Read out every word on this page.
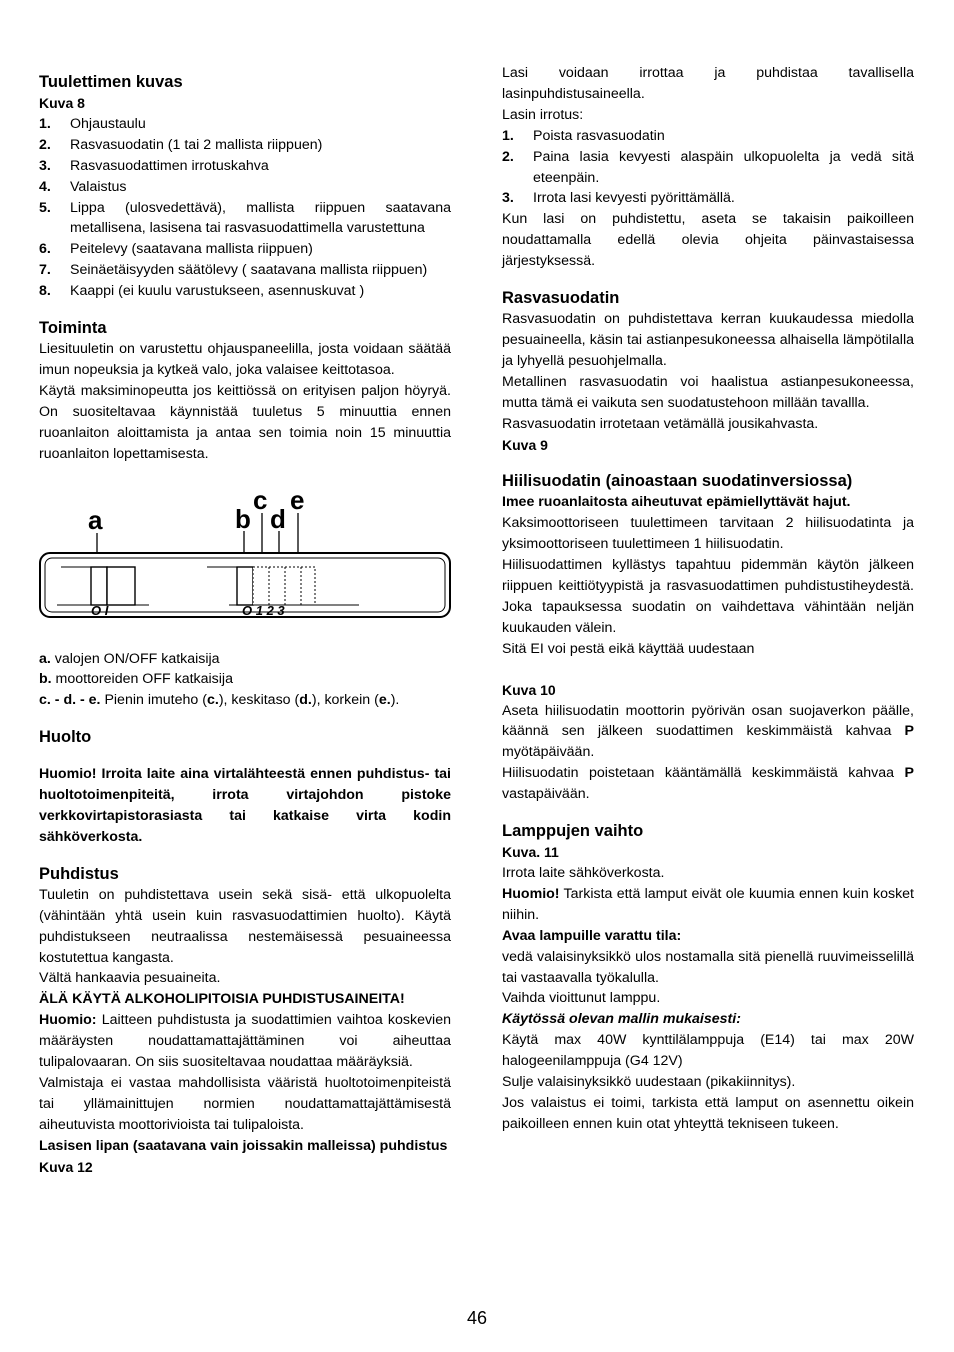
Tuulettimen kuvas
Kuva 8
1. Ohjaustaulu
2. Rasvasuodatin (1 tai 2 mallista riippuen)
3. Rasvasuodattimen irrotuskahva
4. Valaistus
5. Lippa (ulosvedettävä), mallista riippuen saatavana metallisena, lasisena tai rasvasuodattimella varustettuna
6. Peitelevy (saatavana mallista riippuen)
7. Seinäetäisyyden säätölevy ( saatavana mallista riippuen)
8. Kaappi (ei kuulu varustukseen, asennuskuvat )
Toiminta

Liesituuletin on varustettu ohjauspaneelilla, josta voidaan säätää imun nopeuksia ja kytkeä valo, joka valaisee keittotasoa.

Käytä maksiminopeutta jos keittiössä on erityisen paljon höyryä. On suositeltavaa käynnistää tuuletus 5 minuuttia ennen ruoanlaiton aloittamista ja antaa sen toimia noin 15 minuuttia ruoanlaiton lopettamisesta.

a	b
c
d
e
O I	O 1 2 3

a. valojen ON/OFF katkaisija

b. moottoreiden OFF katkaisija

c. - d. - e. Pienin imuteho (c.), keskitaso (d.), korkein (e.).

Huolto

Huomio! Irroita laite aina virtalähteestä ennen puhdistus- tai huoltotoimenpiteitä, irrota virtajohdon pistoke verkkovirtapistorasiasta tai katkaise virta kodin sähköverkosta.

Puhdistus

Tuuletin on puhdistettava usein sekä sisä- että ulkopuolelta (vähintään yhtä usein kuin rasvasuodattimien huolto). Käytä puhdistukseen neutraalissa nestemäisessä pesuaineessa kostutettua kangasta.

Vältä hankaavia pesuaineita.

ÄLÄ KÄYTÄ ALKOHOLIPITOISIA PUHDISTUSAINEITA!

Huomio: Laitteen puhdistusta ja suodattimien vaihtoa koskevien määräysten noudattamattajättäminen voi aiheuttaa tulipalovaaran. On siis suositeltavaa noudattaa määräyksiä.

Valmistaja ei vastaa mahdollisista vääristä huoltotoimenpiteistä tai yllämainittujen normien noudattamattajättämisestä aiheutuvista moottorivioista tai tulipaloista.

Lasisen lipan (saatavana vain joissakin malleissa) puhdistus

Kuva 12

Lasi voidaan irrottaa ja puhdistaa tavallisella lasinpuhdistusaineella.

Lasin irrotus:

1. Poista rasvasuodatin
2. Paina lasia kevyesti alaspäin ulkopuolelta ja vedä sitä eteenpäin.
3. Irrota lasi kevyesti pyörittämällä.

Kun lasi on puhdistettu, aseta se takaisin paikoilleen noudattamalla edellä olevia ohjeita päinvastaisessa järjestyksessä.

Rasvasuodatin

Rasvasuodatin on puhdistettava kerran kuukaudessa miedolla pesuaineella, käsin tai astianpesukoneessa alhaisella lämpötilalla ja lyhyellä pesuohjelmalla.

Metallinen rasvasuodatin voi haalistua astianpesukoneessa, mutta tämä ei vaikuta sen suodatustehoon millään tavallla.

Rasvasuodatin irrotetaan vetämällä jousikahvasta.

Kuva 9
Hiilisuodatin (ainoastaan suodatinversiossa)

Imee ruoanlaitosta aiheutuvat epämiellyttävät hajut.

Kaksimoottoriseen tuulettimeen tarvitaan 2 hiilisuodatinta ja yksimoottoriseen tuulettimeen 1 hiilisuodatin.

Hiilisuodattimen kyllästys tapahtuu pidemmän käytön jälkeen riippuen keittiötyypistä ja rasvasuodattimen puhdistustiheydestä. Joka tapauksessa suodatin on vaihdettava vähintään neljän kuukauden välein.

Sitä EI voi pestä eikä käyttää uudestaan

Kuva 10

Aseta hiilisuodatin moottorin pyörivän osan suojaverkon päälle, käännä sen jälkeen suodattimen keskimmäistä kahvaa P myötäpäivään.

Hiilisuodatin poistetaan kääntämällä keskimmäistä kahvaa P vastapäivään.

Lamppujen vaihto
Kuva. 11

Irrota laite sähköverkosta.

Huomio! Tarkista että lamput eivät ole kuumia ennen kuin kosket niihin.

Avaa lampuille varattu tila:

vedä valaisinyksikkö ulos nostamalla sitä pienellä ruuvimeisselillä tai vastaavalla työkalulla.

Vaihda vioittunut lamppu.

Käytössä olevan mallin mukaisesti:

Käytä max 40W kynttilälamppuja (E14) tai max 20W halogeenilamppuja (G4 12V)

Sulje valaisinyksikkö uudestaan (pikakiinnitys).

Jos valaistus ei toimi, tarkista että lamput on asennettu oikein paikoilleen ennen kuin otat yhteyttä tekniseen tukeen.

46
